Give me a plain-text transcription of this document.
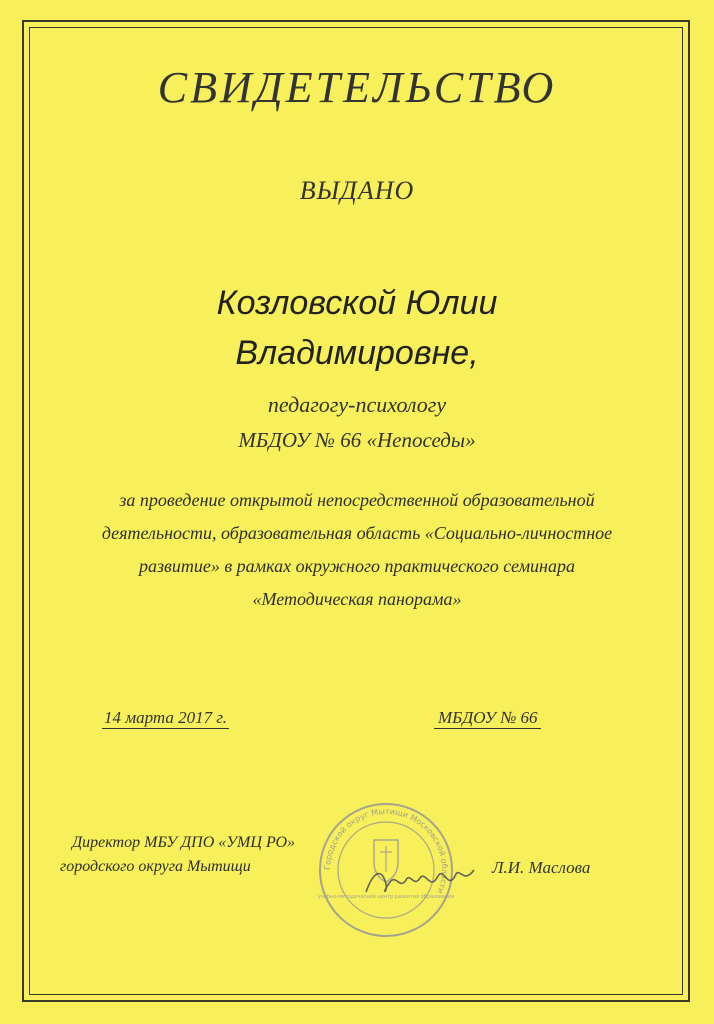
СВИДЕТЕЛЬСТВО
ВЫДАНО
Козловской Юлии
Владимировне,
педагогу-психологу
МБДОУ № 66 «Непоседы»
за проведение открытой непосредственной образовательной
деятельности, образовательная область «Социально-личностное
развитие» в рамках окружного практического семинара
«Методическая панорама»
14 марта 2017 г.	МБДОУ № 66
Директор МБУ ДПО «УМЦ РО»
городского округа Мытищи	Городской округ Мытищи Московской области
учебно-методический центр развития образования
Л.И. Маслова
